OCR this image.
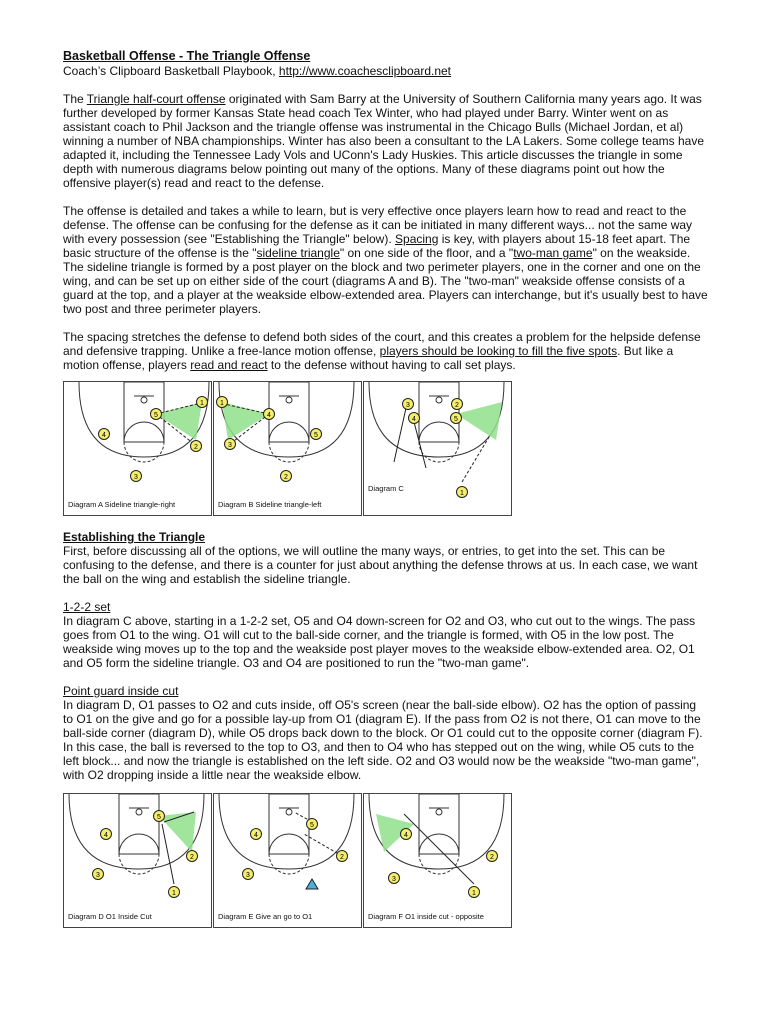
Basketball Offense - The Triangle Offense

Coach’s Clipboard Basketball Playbook, http://www.coachesclipboard.net

The Triangle half-court offense originated with Sam Barry at the University of Southern California many years ago. It was further developed by former Kansas State head coach Tex Winter, who had played under Barry. Winter went on as assistant coach to Phil Jackson and the triangle offense was instrumental in the Chicago Bulls (Michael Jordan, et al) winning a number of NBA championships. Winter has also been a consultant to the LA Lakers. Some college teams have adapted it, including the Tennessee Lady Vols and UConn's Lady Huskies. This article discusses the triangle in some depth with numerous diagrams below pointing out many of the options. Many of these diagrams point out how the offensive player(s) read and react to the defense.

The offense is detailed and takes a while to learn, but is very effective once players learn how to read and react to the defense. The offense can be confusing for the defense as it can be initiated in many different ways... not the same way with every possession (see "Establishing the Triangle" below). Spacing is key, with players about 15-18 feet apart. The basic structure of the offense is the "sideline triangle" on one side of the floor, and a "two-man game" on the weakside. The sideline triangle is formed by a post player on the block and two perimeter players, one in the corner and one on the wing, and can be set up on either side of the court (diagrams A and B). The "two-man" weakside offense consists of a guard at the top, and a player at the weakside elbow-extended area. Players can interchange, but it's usually best to have two post and three perimeter players.

The spacing stretches the defense to defend both sides of the court, and this creates a problem for the helpside defense and defensive trapping. Unlike a free-lance motion offense, players should be looking to fill the five spots. But like a motion offense, players read and react to the defense without having to call set plays.

5
1
2
4
3
Diagram A Sideline triangle-right
4
1
3
5
2
Diagram B Sideline triangle-left
3	2
4	5
1
Diagram C

Establishing the Triangle

First, before discussing all of the options, we will outline the many ways, or entries, to get into the set. This can be confusing to the defense, and there is a counter for just about anything the defense throws at us. In each case, we want the ball on the wing and establish the sideline triangle.

1-2-2 set

In diagram C above, starting in a 1-2-2 set, O5 and O4 down-screen for O2 and O3, who cut out to the wings. The pass goes from O1 to the wing. O1 will cut to the ball-side corner, and the triangle is formed, with O5 in the low post. The weakside wing moves up to the top and the weakside post player moves to the weakside elbow-extended area. O2, O1 and O5 form the sideline triangle. O3 and O4 are positioned to run the "two-man game".

Point guard inside cut

In diagram D, O1 passes to O2 and cuts inside, off O5's screen (near the ball-side elbow). O2 has the option of passing to O1 on the give and go for a possible lay-up from O1 (diagram E). If the pass from O2 is not there, O1 can move to the ball-side corner (diagram D), while O5 drops back down to the block. Or O1 could cut to the opposite corner (diagram F). In this case, the ball is reversed to the top to O3, and then to O4 who has stepped out on the wing, while O5 cuts to the left block... and now the triangle is established on the left side. O2 and O3 would now be the weakside "two-man game", with O2 dropping inside a little near the weakside elbow.

5
2
4
3
1
Diagram D O1 Inside Cut
5
2
4
3
Diagram E Give an go to O1
4
2
3
1
Diagram F O1 inside cut - opposite
